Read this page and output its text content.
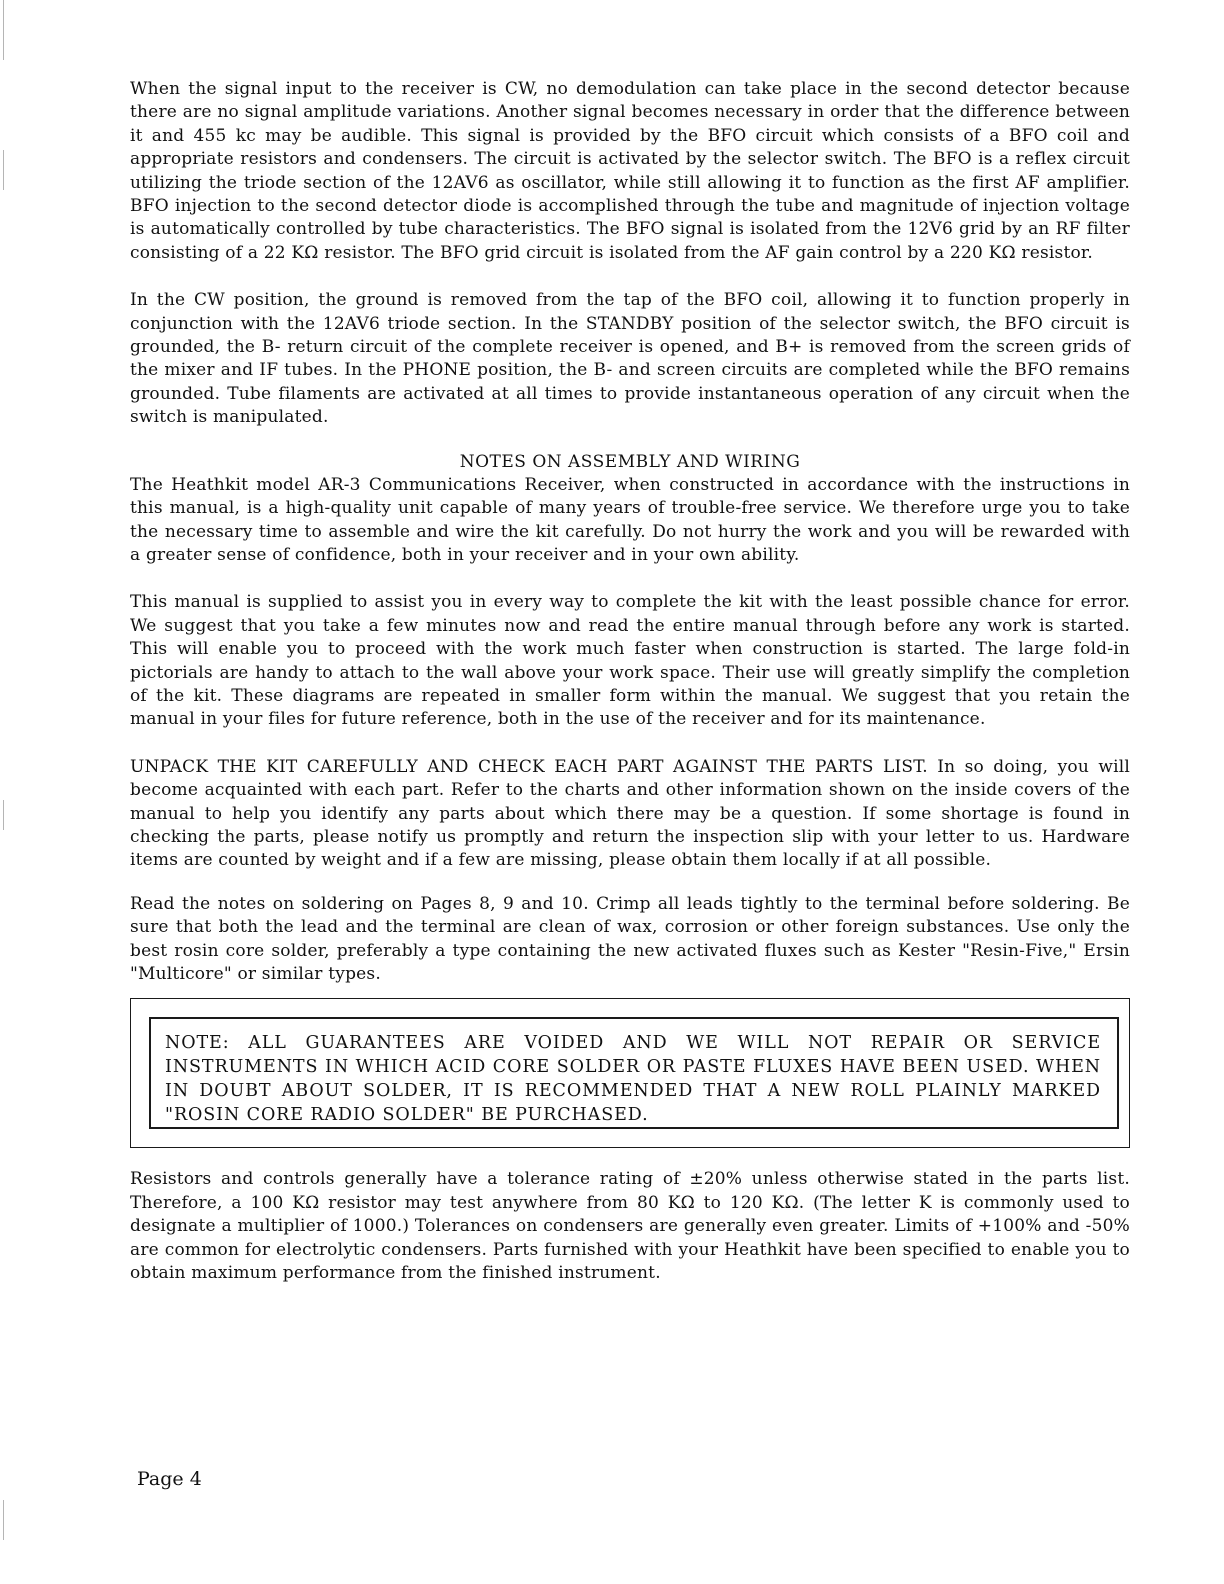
When the signal input to the receiver is CW, no demodulation can take place in the second detector because there are no signal amplitude variations. Another signal becomes necessary in order that the difference between it and 455 kc may be audible. This signal is provided by the BFO circuit which consists of a BFO coil and appropriate resistors and condensers. The circuit is activated by the selector switch. The BFO is a reflex circuit utilizing the triode section of the 12AV6 as oscillator, while still allowing it to function as the first AF amplifier. BFO injection to the second detector diode is accomplished through the tube and magnitude of injection voltage is automatically controlled by tube characteristics. The BFO signal is isolated from the 12V6 grid by an RF filter consisting of a 22 KΩ resistor. The BFO grid circuit is isolated from the AF gain control by a 220 KΩ resistor.

In the CW position, the ground is removed from the tap of the BFO coil, allowing it to function properly in conjunction with the 12AV6 triode section. In the STANDBY position of the selector switch, the BFO circuit is grounded, the B- return circuit of the complete receiver is opened, and B+ is removed from the screen grids of the mixer and IF tubes. In the PHONE position, the B- and screen circuits are completed while the BFO remains grounded. Tube filaments are activated at all times to provide instantaneous operation of any circuit when the switch is manipulated.

NOTES ON ASSEMBLY AND WIRING

The Heathkit model AR-3 Communications Receiver, when constructed in accordance with the instructions in this manual, is a high-quality unit capable of many years of trouble-free service. We therefore urge you to take the necessary time to assemble and wire the kit carefully. Do not hurry the work and you will be rewarded with a greater sense of confidence, both in your receiver and in your own ability.

This manual is supplied to assist you in every way to complete the kit with the least possible chance for error. We suggest that you take a few minutes now and read the entire manual through before any work is started. This will enable you to proceed with the work much faster when construction is started. The large fold-in pictorials are handy to attach to the wall above your work space. Their use will greatly simplify the completion of the kit. These diagrams are repeated in smaller form within the manual. We suggest that you retain the manual in your files for future reference, both in the use of the receiver and for its maintenance.

UNPACK THE KIT CAREFULLY AND CHECK EACH PART AGAINST THE PARTS LIST. In so doing, you will become acquainted with each part. Refer to the charts and other information shown on the inside covers of the manual to help you identify any parts about which there may be a question. If some shortage is found in checking the parts, please notify us promptly and return the inspection slip with your letter to us. Hardware items are counted by weight and if a few are missing, please obtain them locally if at all possible.

Read the notes on soldering on Pages 8, 9 and 10. Crimp all leads tightly to the terminal before soldering. Be sure that both the lead and the terminal are clean of wax, corrosion or other foreign substances. Use only the best rosin core solder, preferably a type containing the new activated fluxes such as Kester "Resin-Five," Ersin "Multicore" or similar types.

NOTE: ALL GUARANTEES ARE VOIDED AND WE WILL NOT REPAIR OR SERVICE INSTRUMENTS IN WHICH ACID CORE SOLDER OR PASTE FLUXES HAVE BEEN USED. WHEN IN DOUBT ABOUT SOLDER, IT IS RECOMMENDED THAT A NEW ROLL PLAINLY MARKED "ROSIN CORE RADIO SOLDER" BE PURCHASED.

Resistors and controls generally have a tolerance rating of ±20% unless otherwise stated in the parts list. Therefore, a 100 KΩ resistor may test anywhere from 80 KΩ to 120 KΩ. (The letter K is commonly used to designate a multiplier of 1000.) Tolerances on condensers are generally even greater. Limits of +100% and -50% are common for electrolytic condensers. Parts furnished with your Heathkit have been specified to enable you to obtain maximum performance from the finished instrument.

Page 4
